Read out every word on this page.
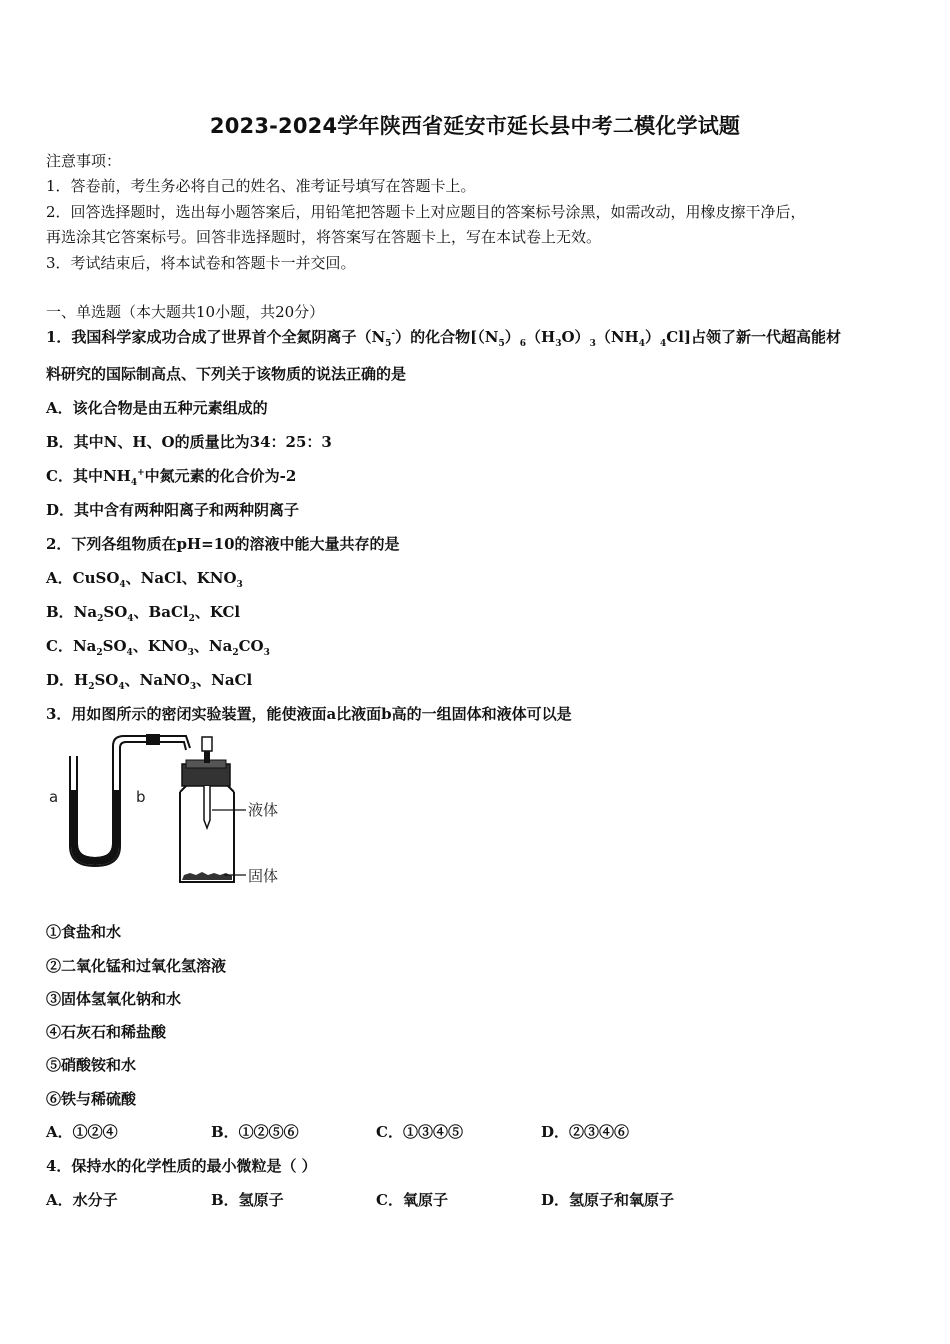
2023-2024学年陕西省延安市延长县中考二模化学试题
注意事项：
1．答卷前，考生务必将自己的姓名、准考证号填写在答题卡上。
2．回答选择题时，选出每小题答案后，用铅笔把答题卡上对应题目的答案标号涂黑，如需改动，用橡皮擦干净后，
再选涂其它答案标号。回答非选择题时，将答案写在答题卡上，写在本试卷上无效。
3．考试结束后，将本试卷和答题卡一并交回。
一、单选题（本大题共10小题，共20分）
1．我国科学家成功合成了世界首个全氮阴离子$(N_5^-)$的化合物$[(N_5)_6(H_3O)_3(NH_4)_4Cl]$占领了新一代超高能材
料研究的国际制高点、下列关于该物质的说法正确的是
A．该化合物是由五种元素组成的
B．其中N、H、O的质量比为34：25：3
C．其中$NH_4^+$中氮元素的化合价为-2
D．其中含有两种阳离子和两种阴离子
2．下列各组物质在pH=10的溶液中能大量共存的是
A．CuSO$_4$、NaCl、$KNO_3$
B．$Na_2SO_4$、BaCl$_2$、KCl
C．$Na_2SO_4$、$KNO_3$、$Na_2CO_3$
D．$H_2SO_4$、NaNO$_3$、NaCl
3．用如图所示的密闭实验装置，能使液面a比液面b高的一组固体和液体可以是
a	b
液体
固体
①食盐和水
②二氧化锰和过氧化氢溶液
③固体氢氧化钠和水
④石灰石和稀盐酸
⑤硝酸铵和水
⑥铁与稀硫酸
A．①②④	B．①②⑤⑥	C．①③④⑤	D．②③④⑥
4．保持水的化学性质的最小微粒是（ ）
A．水分子	B．氢原子	C．氧原子	D．氢原子和氧原子
